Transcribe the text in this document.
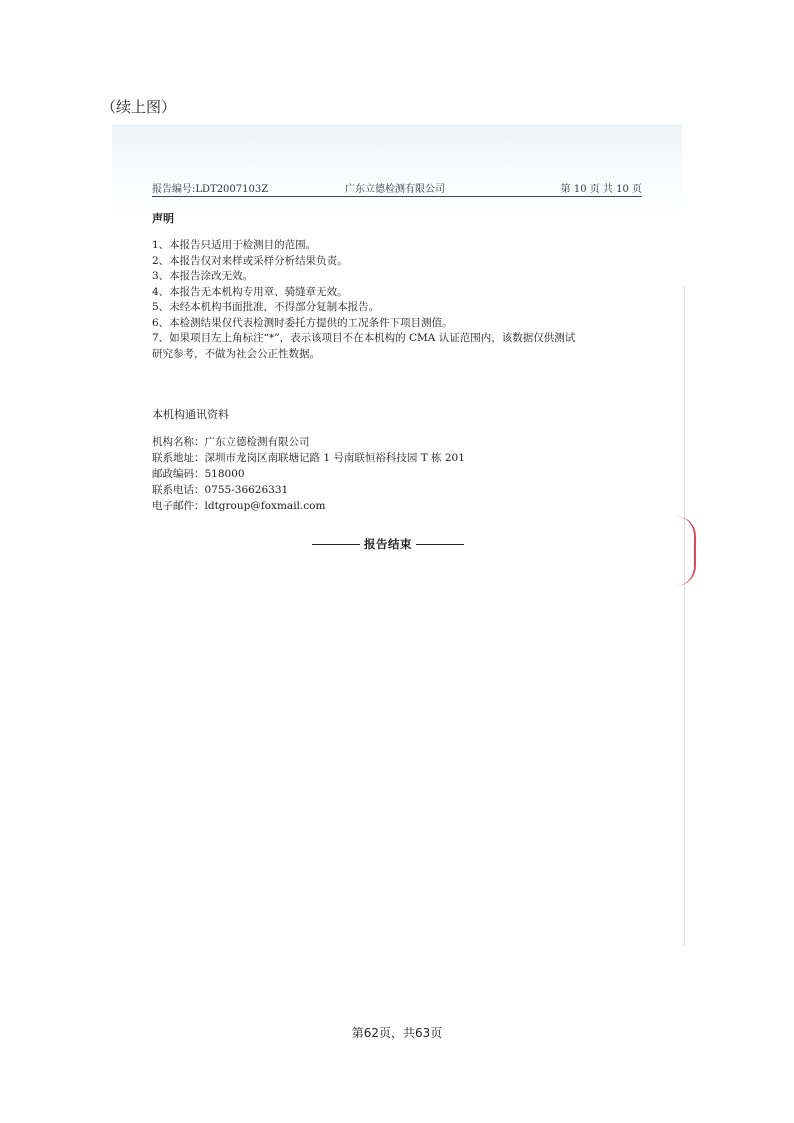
（续上图）
报告编号:LDT2007103Z	广东立德检测有限公司	第 10 页 共 10 页
声明
1、本报告只适用于检测目的范围。
2、本报告仅对来样或采样分析结果负责。
3、本报告涂改无效。
4、本报告无本机构专用章、骑缝章无效。
5、未经本机构书面批准，不得部分复制本报告。
6、本检测结果仅代表检测时委托方提供的工况条件下项目测值。
7、如果项目左上角标注“*”，表示该项目不在本机构的 CMA 认证范围内，该数据仅供测试
研究参考，不做为社会公正性数据。
本机构通讯资料
机构名称：广东立德检测有限公司
联系地址：深圳市龙岗区南联塘记路 1 号南联恒裕科技园 T 栋 201
邮政编码：518000
联系电话：0755-36626331
电子邮件：ldtgroup@foxmail.com
报告结束
第62页，共63页
